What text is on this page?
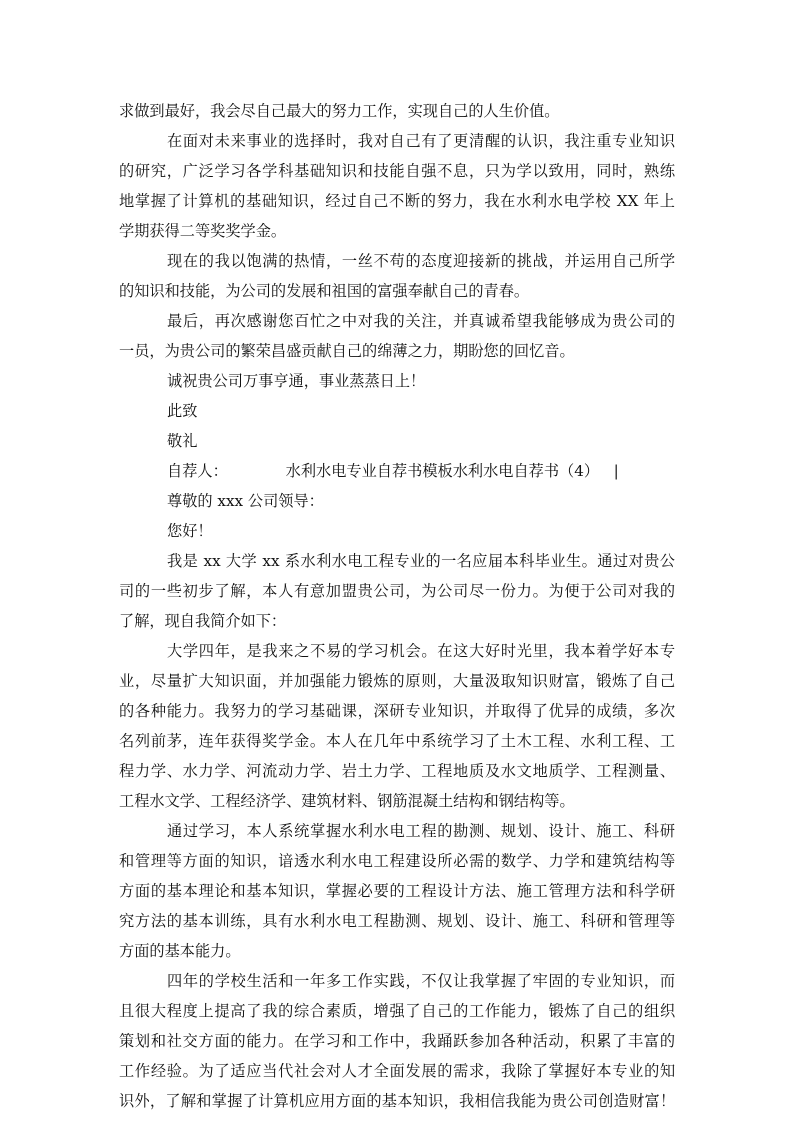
求做到最好，我会尽自己最大的努力工作，实现自己的人生价值。
在面对未来事业的选择时，我对自己有了更清醒的认识，我注重专业知识
的研究，广泛学习各学科基础知识和技能自强不息，只为学以致用，同时，熟练
地掌握了计算机的基础知识，经过自己不断的努力，我在水利水电学校 XX 年上
学期获得二等奖奖学金。
现在的我以饱满的热情，一丝不苟的态度迎接新的挑战，并运用自己所学
的知识和技能，为公司的发展和祖国的富强奉献自己的青春。
最后，再次感谢您百忙之中对我的关注，并真诚希望我能够成为贵公司的
一员，为贵公司的繁荣昌盛贡献自己的绵薄之力，期盼您的回忆音。
诚祝贵公司万事亨通，事业蒸蒸日上！
此致
敬礼
自荐人：            水利水电专业自荐书模板水利水电自荐书（4）   |
尊敬的 xxx 公司领导：
您好！
我是 xx 大学 xx 系水利水电工程专业的一名应届本科毕业生。通过对贵公
司的一些初步了解，本人有意加盟贵公司，为公司尽一份力。为便于公司对我的
了解，现自我简介如下：
大学四年，是我来之不易的学习机会。在这大好时光里，我本着学好本专
业，尽量扩大知识面，并加强能力锻炼的原则，大量汲取知识财富，锻炼了自己
的各种能力。我努力的学习基础课，深研专业知识，并取得了优异的成绩，多次
名列前茅，连年获得奖学金。本人在几年中系统学习了土木工程、水利工程、工
程力学、水力学、河流动力学、岩土力学、工程地质及水文地质学、工程测量、
工程水文学、工程经济学、建筑材料、钢筋混凝土结构和钢结构等。
通过学习，本人系统掌握水利水电工程的勘测、规划、设计、施工、科研
和管理等方面的知识，谙透水利水电工程建设所必需的数学、力学和建筑结构等
方面的基本理论和基本知识，掌握必要的工程设计方法、施工管理方法和科学研
究方法的基本训练，具有水利水电工程勘测、规划、设计、施工、科研和管理等
方面的基本能力。
四年的学校生活和一年多工作实践，不仅让我掌握了牢固的专业知识，而
且很大程度上提高了我的综合素质，增强了自己的工作能力，锻炼了自己的组织
策划和社交方面的能力。在学习和工作中，我踊跃参加各种活动，积累了丰富的
工作经验。为了适应当代社会对人才全面发展的需求，我除了掌握好本专业的知
识外，了解和掌握了计算机应用方面的基本知识，我相信我能为贵公司创造财富！
